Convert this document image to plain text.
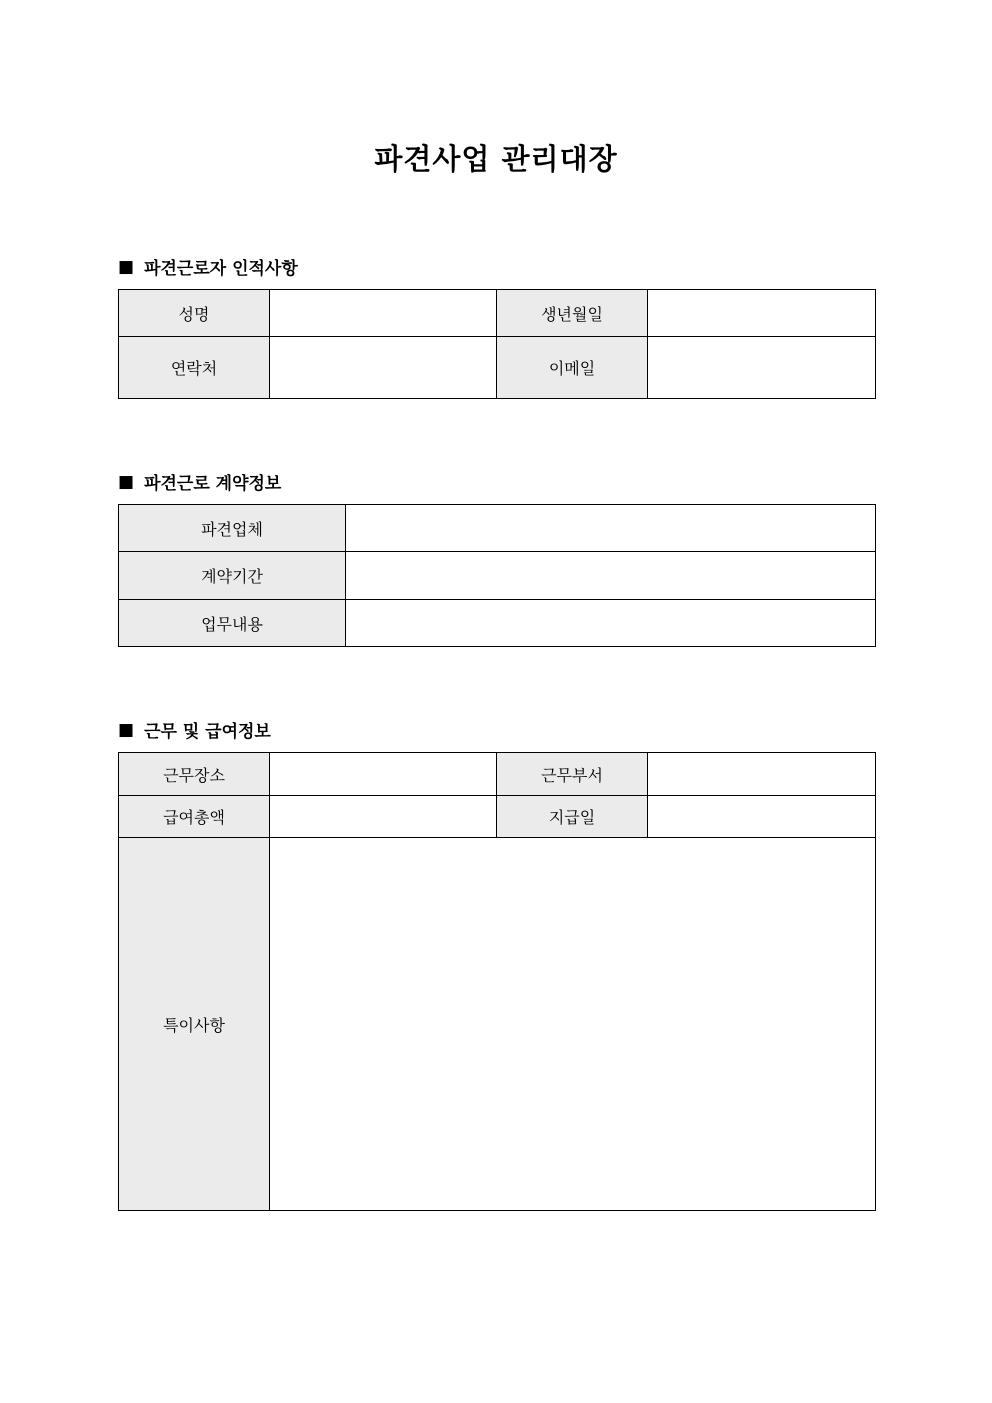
파견사업 관리대장
■ 파견근로자 인적사항
성명		생년월일	
연락처		이메일	
■ 파견근로 계약정보
파견업체	
계약기간	
업무내용	
■ 근무 및 급여정보
근무장소		근무부서	
급여총액		지급일	
특이사항			
